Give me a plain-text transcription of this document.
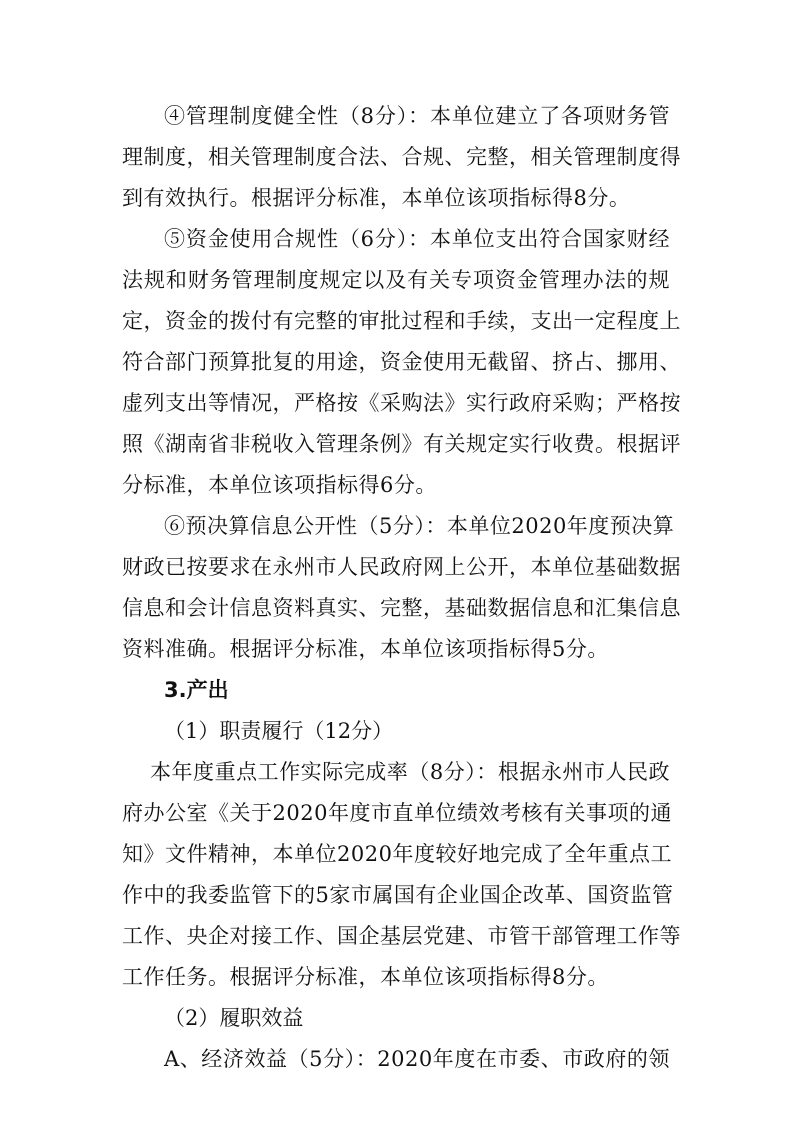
④管理制度健全性（8分）：本单位建立了各项财务管
理制度，相关管理制度合法、合规、完整，相关管理制度得
到有效执行。根据评分标准，本单位该项指标得8分。
⑤资金使用合规性（6分）：本单位支出符合国家财经
法规和财务管理制度规定以及有关专项资金管理办法的规
定，资金的拨付有完整的审批过程和手续，支出一定程度上
符合部门预算批复的用途，资金使用无截留、挤占、挪用、
虚列支出等情况，严格按《采购法》实行政府采购；严格按
照《湖南省非税收入管理条例》有关规定实行收费。根据评
分标准，本单位该项指标得6分。
⑥预决算信息公开性（5分）：本单位2020年度预决算
财政已按要求在永州市人民政府网上公开，本单位基础数据
信息和会计信息资料真实、完整，基础数据信息和汇集信息
资料准确。根据评分标准，本单位该项指标得5分。
3.产出
（1）职责履行（12分）
本年度重点工作实际完成率（8分）：根据永州市人民政
府办公室《关于2020年度市直单位绩效考核有关事项的通
知》文件精神，本单位2020年度较好地完成了全年重点工
作中的我委监管下的5家市属国有企业国企改革、国资监管
工作、央企对接工作、国企基层党建、市管干部管理工作等
工作任务。根据评分标准，本单位该项指标得8分。
（2）履职效益
A、经济效益（5分）：2020年度在市委、市政府的领
